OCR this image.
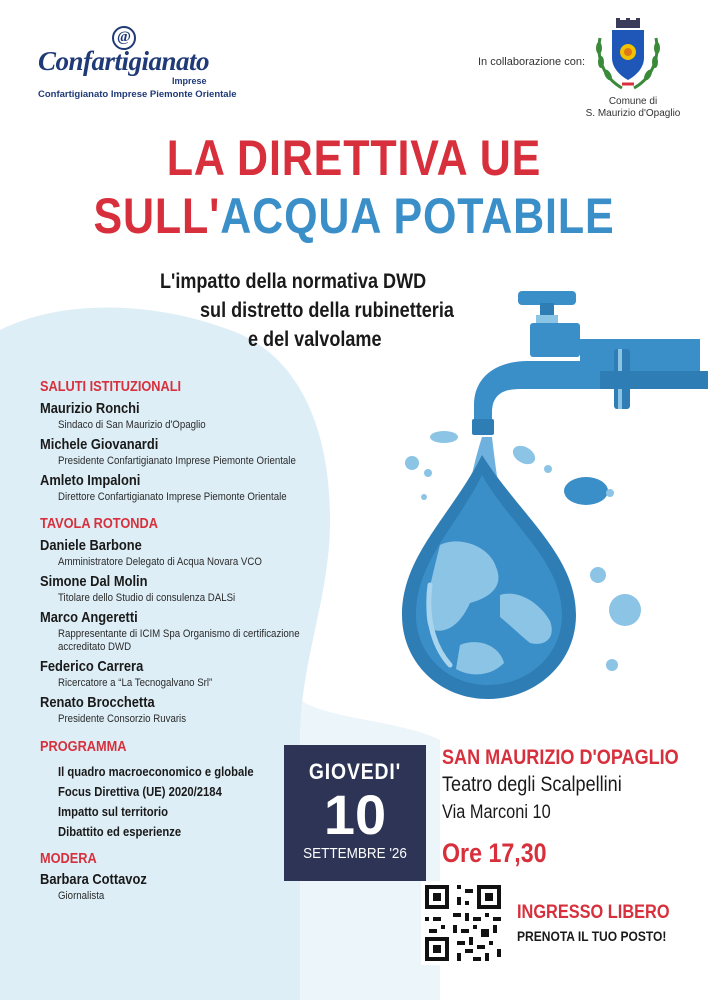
@
Confartigianato
Imprese
Confartigianato Imprese Piemonte Orientale
In collaborazione con:
Comune di
S. Maurizio d'Opaglio
LA DIRETTIVA UE
SULL'ACQUA POTABILE
L'impatto della normativa DWD
sul distretto della rubinetteria
e del valvolame
SALUTI ISTITUZIONALI
Maurizio Ronchi
Sindaco di San Maurizio d'Opaglio
Michele Giovanardi
Presidente Confartigianato Imprese Piemonte Orientale
Amleto Impaloni
Direttore Confartigianato Imprese Piemonte Orientale
TAVOLA ROTONDA
Daniele Barbone
Amministratore Delegato di Acqua Novara VCO
Simone Dal Molin
Titolare dello Studio di consulenza DALSi
Marco Angeretti
Rappresentante di ICIM Spa Organismo di certificazione
accreditato DWD
Federico Carrera
Ricercatore a “La Tecnogalvano Srl”
Renato Brocchetta
Presidente Consorzio Ruvaris
PROGRAMMA
Il quadro macroeconomico e globale
Focus Direttiva (UE) 2020/2184
Impatto sul territorio
Dibattito ed esperienze
MODERA
Barbara Cottavoz
Giornalista
GIOVEDI'
10
SETTEMBRE '26
SAN MAURIZIO D'OPAGLIO
Teatro degli Scalpellini
Via Marconi 10
Ore 17,30
INGRESSO LIBERO
PRENOTA IL TUO POSTO!
